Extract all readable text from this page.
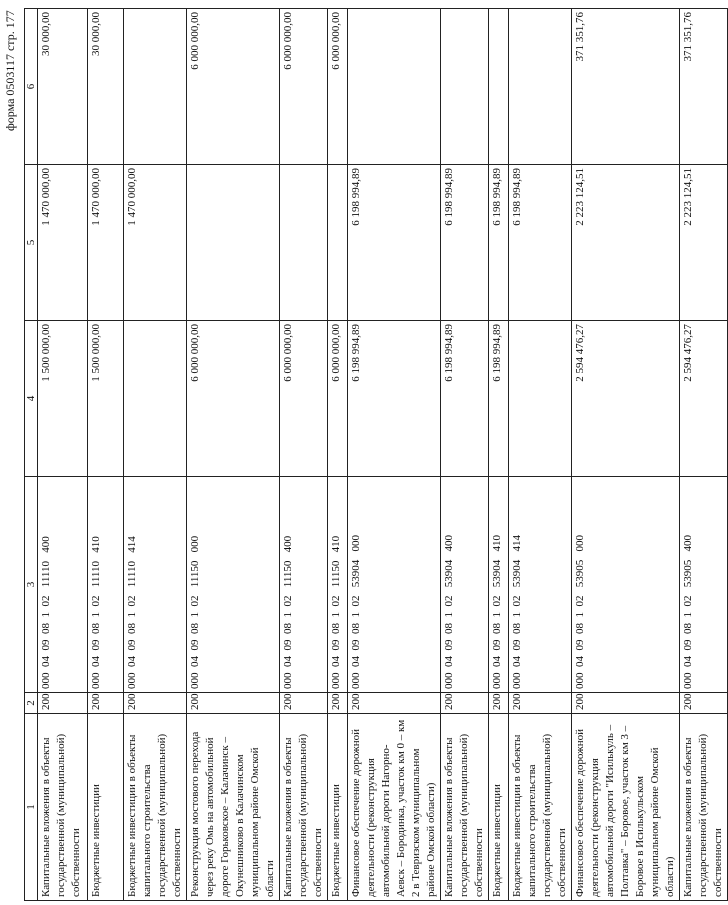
форма 0503117 стр. 177
1	2	3	4	5	6
Капитальные вложения в объекты государственной (муниципальной) собственности	200	000  04  09  08  1  02   11110   400	1 500 000,00	1 470 000,00	30 000,00
Бюджетные инвестиции	200	000  04  09  08  1  02   11110   410	1 500 000,00	1 470 000,00	30 000,00
Бюджетные инвестиции в объекты капитального строительства государственной (муниципальной) собственности	200	000  04  09  08  1  02   11110   414		1 470 000,00	
Реконструкция мостового перехода через реку Омь на автомобильной дороге Горьковское – Калачинск – Окунешниково в Калачинском муниципальном районе Омской области	200	000  04  09  08  1  02   11150   000	6 000 000,00		6 000 000,00
Капитальные вложения в объекты государственной (муниципальной) собственности	200	000  04  09  08  1  02   11150   400	6 000 000,00		6 000 000,00
Бюджетные инвестиции	200	000  04  09  08  1  02   11150   410	6 000 000,00		6 000 000,00
Финансовое обеспечение дорожной деятельности (реконструкция автомобильной дороги Нагорно-Аевск – Бородинка, участок км 0 – км 2 в Тевризском муниципальном районе Омской области)	200	000  04  09  08  1  02   53904   000	6 198 994,89	6 198 994,89	
Капитальные вложения в объекты государственной (муниципальной) собственности	200	000  04  09  08  1  02   53904   400	6 198 994,89	6 198 994,89	
Бюджетные инвестиции	200	000  04  09  08  1  02   53904   410	6 198 994,89	6 198 994,89	
Бюджетные инвестиции в объекты капитального строительства государственной (муниципальной) собственности	200	000  04  09  08  1  02   53904   414		6 198 994,89	
Финансовое обеспечение дорожной деятельности (реконструкция автомобильной дороги "Исилькуль – Полтавка" – Боровое, участок км 3 – Боровое в Исилькульском муниципальном районе Омской области)	200	000  04  09  08  1  02   53905   000	2 594 476,27	2 223 124,51	371 351,76
Капитальные вложения в объекты государственной (муниципальной) собственности	200	000  04  09  08  1  02   53905   400	2 594 476,27	2 223 124,51	371 351,76
